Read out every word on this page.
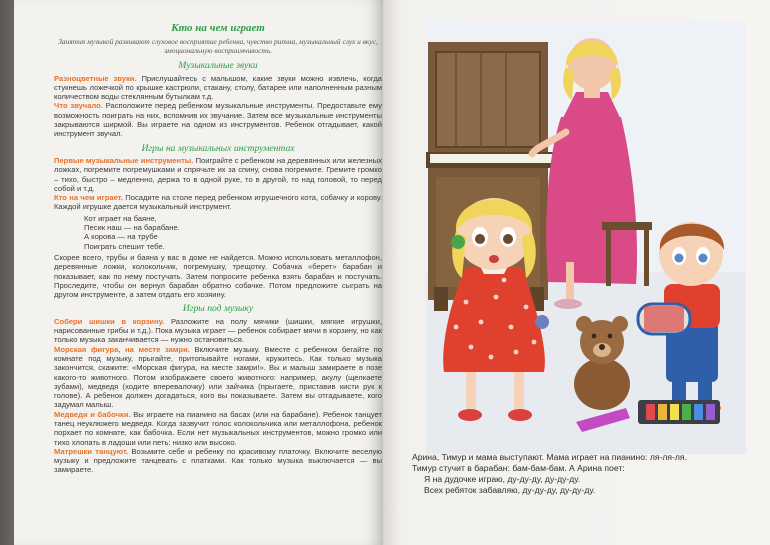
Кто на чем играет
Занятия музыкой развивают слуховое восприятие ребенка, чувство ритма, музыкальный слух и вкус, эмоциональную восприимчивость.
Музыкальные звуки

Разноцветные звуки. Прислушайтесь с малышом, какие звуки можно извлечь, когда стукнешь ложечкой по крышке кастрюли, стакану, столу, батарее или наполненным разным количеством воды стеклянным бутылкам т.д.

Что звучало. Расположите перед ребенком музыкальные инструменты. Предоставьте ему возможность поиграть на них, вспомнив их звучание. Затем все музыкальные инструменты закрываются ширмой. Вы играете на одном из инструментов. Ребенок отгадывает, какой инструмент звучал.

Игры на музыкальных инструментах

Первые музыкальные инструменты. Поиграйте с ребенком на деревянных или железных ложках, погремите погремушками и спрячьте их за спину, снова погремите. Гремите громко – тихо, быстро – медленно, держа то в одной руке, то в другой, то над головой, то перед собой и т.д.

Кто на чем играет. Посадите на столе перед ребенком игрушечного кота, собачку и корову. Каждой игрушке дается музыкальный инструмент.

Кот играет на баяне,
Песик наш — на барабане.
А корова — на трубе
Поиграть спешит тебе.

Скорее всего, трубы и баяна у вас в доме не найдется. Можно использовать металлофон, деревянные ложки, колокольчик, погремушку, трещотку. Собачка «берет» барабан и показывает, как по нему постучать. Затем попросите ребенка взять барабан и постучать. Проследите, чтобы он вернул барабан обратно собачке. Потом предложите сыграть на другом инструменте, а затем отдать его хозяину.

Игры под музыку

Собери шишки в корзину. Разложите на полу мячики (шишки, мягкие игрушки, нарисованные грибы и т.д.). Пока музыка играет — ребенок собирает мячи в корзину, но как только музыка заканчивается — нужно остановиться.

Морская фигура, на месте замри. Включите музыку. Вместе с ребенком бегайте по комнате под музыку, прыгайте, притопывайте ногами, кружитесь. Как только музыка закончится, скажите: «Морская фигура, на месте замри!». Вы и малыш замираете в позе какого-то животного. Потом изображаете своего животного: например, акулу (щелкаете зубами), медведя (ходите вперевалочку) или зайчика (прыгаете, приставив кисти рук к голове). А ребенок должен догадаться, кого вы показываете. Затем вы отгадываете, кого задумал малыш.

Медведи и бабочки. Вы играете на пианино на басах (или на барабане). Ребенок танцует танец неуклюжего медведя. Когда зазвучит голос колокольчика или металлофона, ребенок порхает по комнате, как бабочка. Если нет музыкальных инструментов, можно громко или тихо хлопать в ладоши или петь: низко или высоко.

Матрешки танцуют. Возьмите себе и ребенку по красивому платочку. Включите веселую музыку и предложите танцевать с платками. Как только музыка выключается — вы замираете.

Арина, Тимур и мама выступают. Мама играет на пианино: ля-ля-ля.
Тимур стучит в барабан: бам-бам-бам. А Арина поет:
Я на дудочке играю, ду-ду-ду, ду-ду-ду.
Всех ребяток забавляю, ду-ду-ду, ду-ду-ду.
